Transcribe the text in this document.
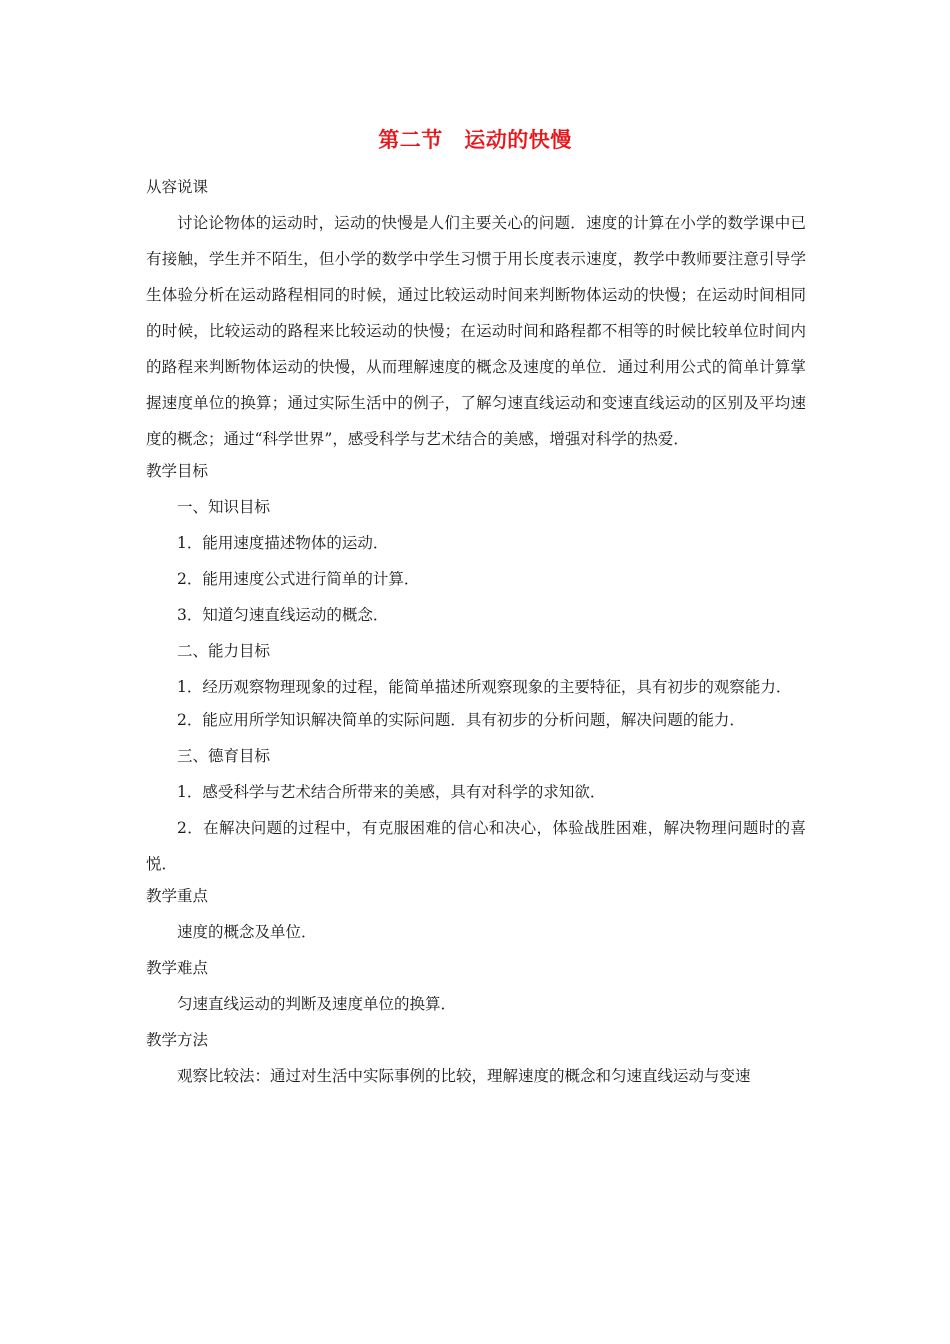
第二节　运动的快慢
从容说课

讨论论物体的运动时，运动的快慢是人们主要关心的问题．速度的计算在小学的数学课中已有接触，学生并不陌生，但小学的数学中学生习惯于用长度表示速度，教学中教师要注意引导学生体验分析在运动路程相同的时候，通过比较运动时间来判断物体运动的快慢；在运动时间相同的时候，比较运动的路程来比较运动的快慢；在运动时间和路程都不相等的时候比较单位时间内的路程来判断物体运动的快慢，从而理解速度的概念及速度的单位．通过利用公式的简单计算掌握速度单位的换算；通过实际生活中的例子，了解匀速直线运动和变速直线运动的区别及平均速度的概念；通过“科学世界”，感受科学与艺术结合的美感，增强对科学的热爱．

教学目标
一、知识目标
1．能用速度描述物体的运动．
2．能用速度公式进行简单的计算．
3．知道匀速直线运动的概念．
二、能力目标

1．经历观察物理现象的过程，能简单描述所观察现象的主要特征，具有初步的观察能力．

2．能应用所学知识解决简单的实际问题．具有初步的分析问题，解决问题的能力．
三、德育目标
1．感受科学与艺术结合所带来的美感，具有对科学的求知欲．

2．在解决问题的过程中，有克服困难的信心和决心，体验战胜困难，解决物理问题时的喜悦．

教学重点
速度的概念及单位．
教学难点
匀速直线运动的判断及速度单位的换算．
教学方法
观察比较法：通过对生活中实际事例的比较，理解速度的概念和匀速直线运动与变速
